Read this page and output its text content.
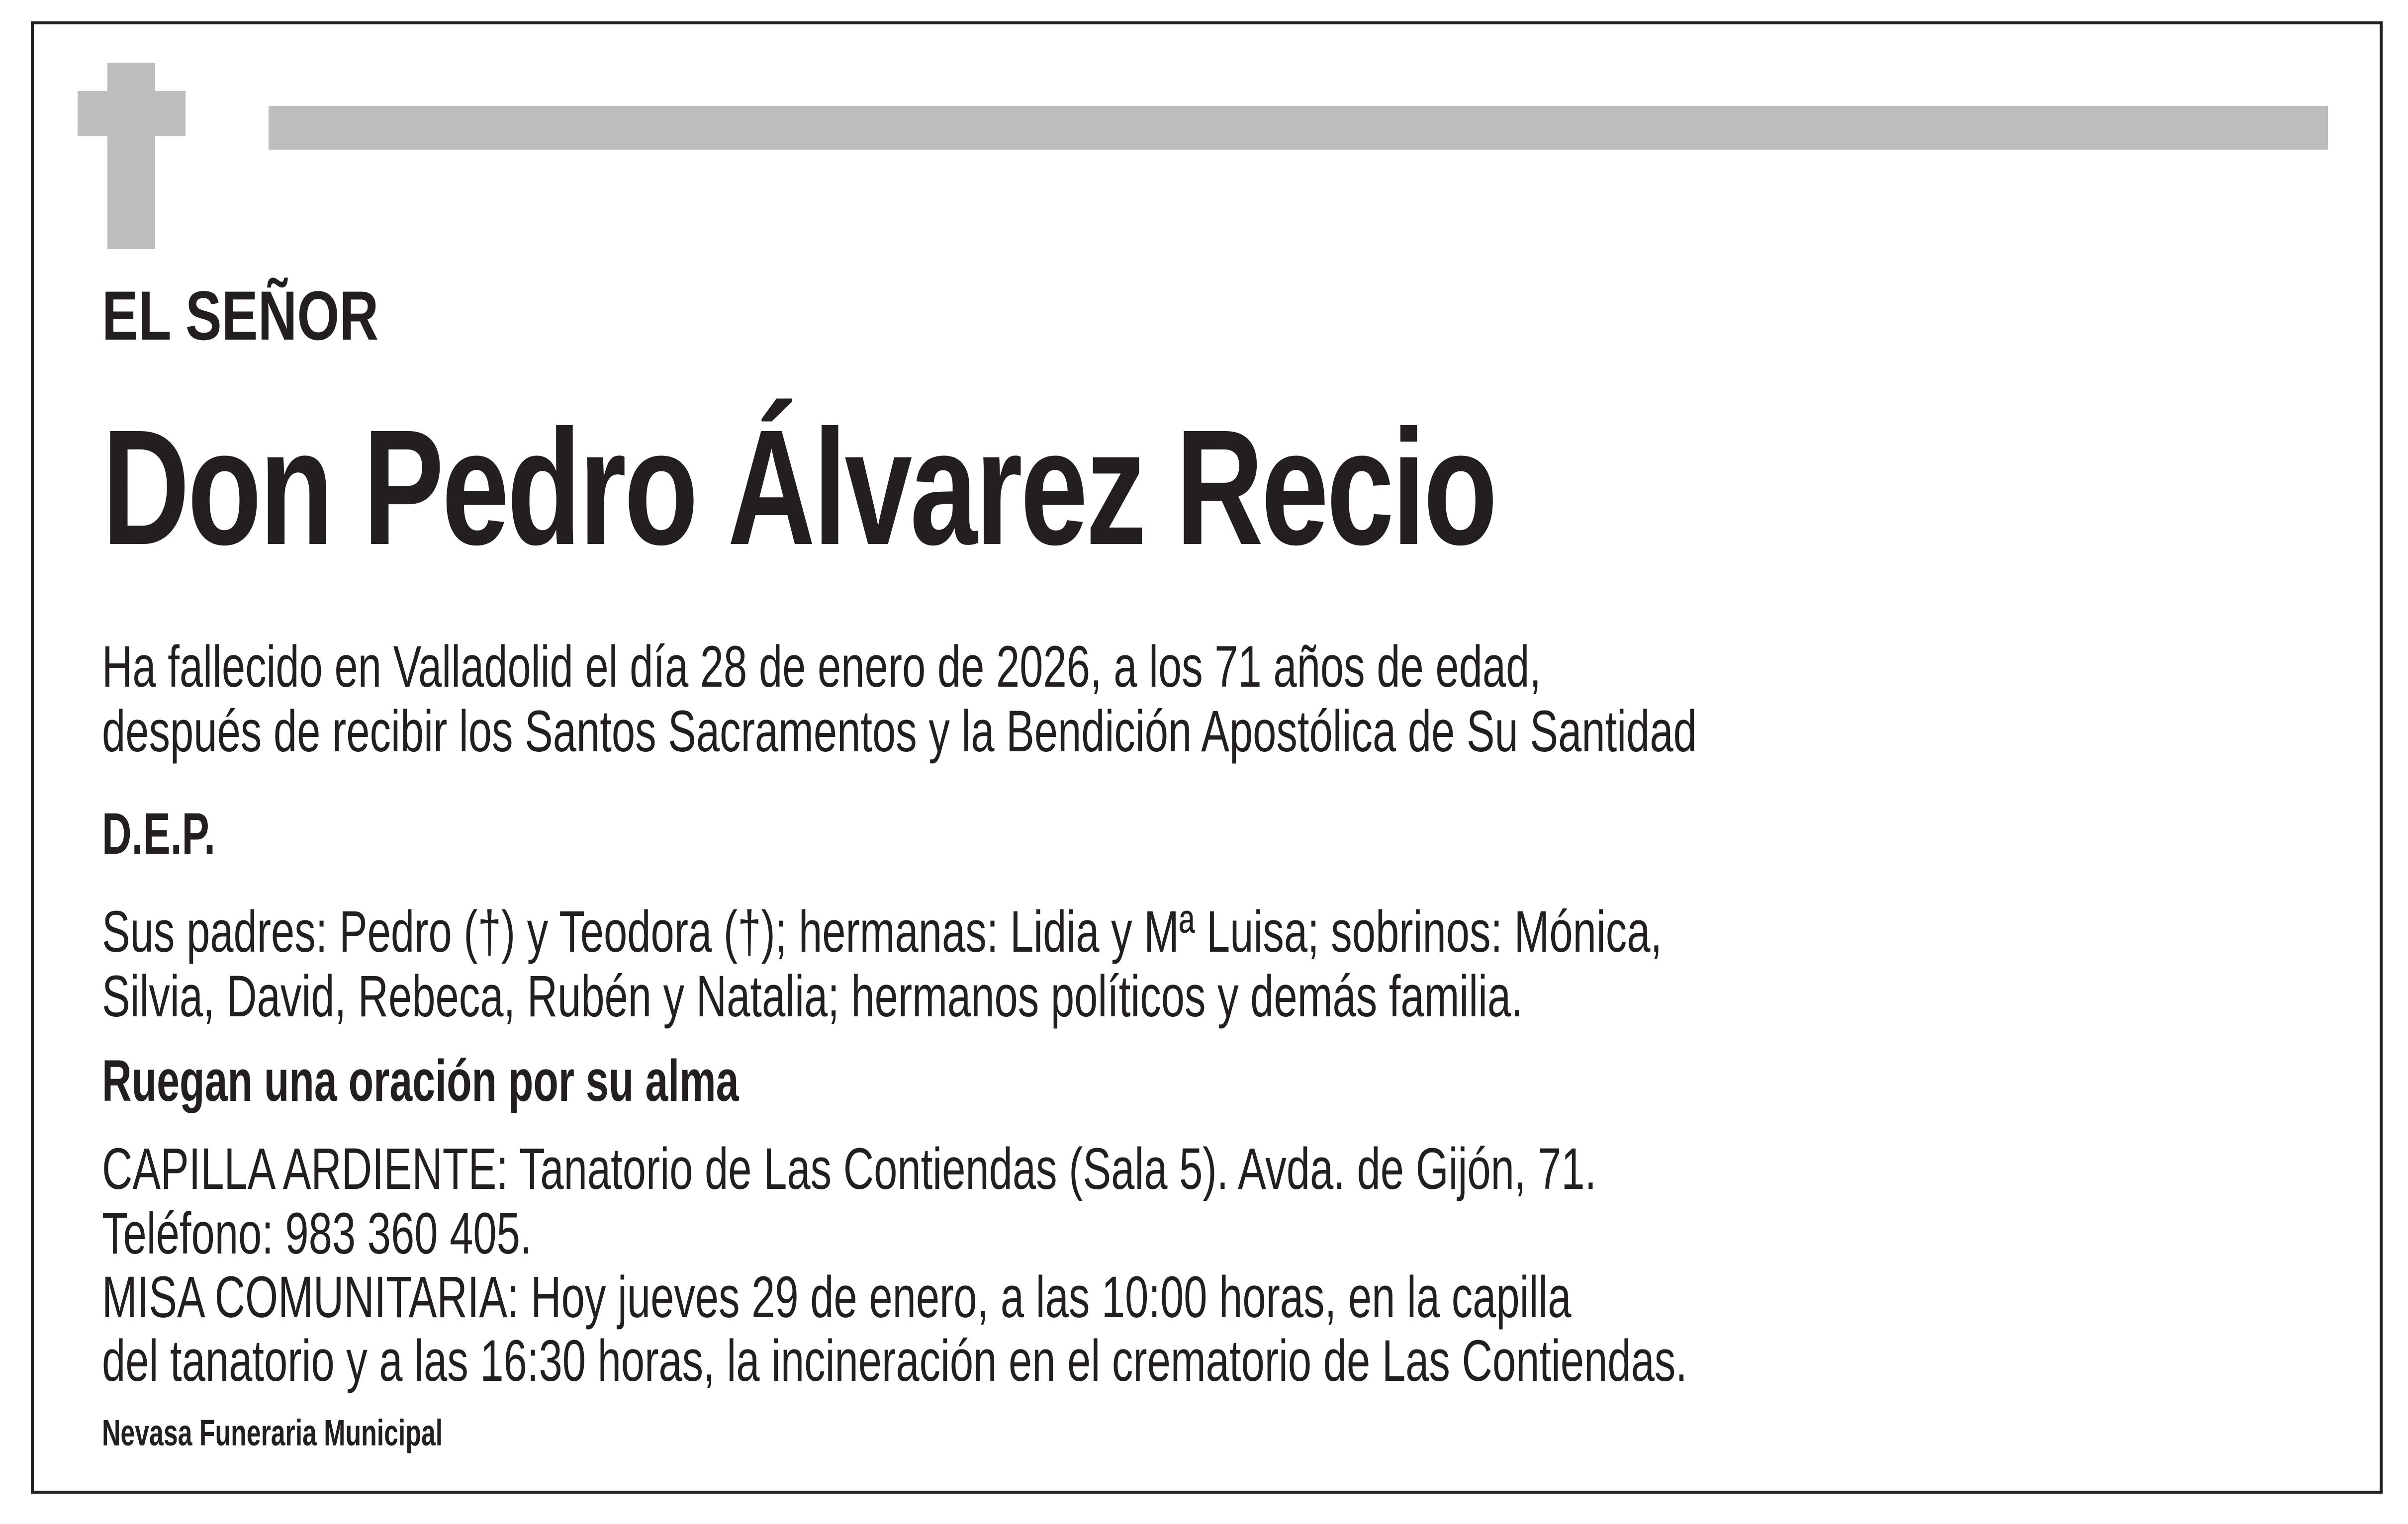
EL SEÑOR
Don Pedro Álvarez Recio
Ha fallecido en Valladolid el día 28 de enero de 2026, a los 71 años de edad,
después de recibir los Santos Sacramentos y la Bendición Apostólica de Su Santidad
D.E.P.
Sus padres: Pedro (†) y Teodora (†); hermanas: Lidia y Mª Luisa; sobrinos: Mónica,
Silvia, David, Rebeca, Rubén y Natalia; hermanos políticos y demás familia.
Ruegan una oración por su alma
CAPILLA ARDIENTE: Tanatorio de Las Contiendas (Sala 5). Avda. de Gijón, 71.
Teléfono: 983 360 405.
MISA COMUNITARIA: Hoy jueves 29 de enero, a las 10:00 horas, en la capilla
del tanatorio y a las 16:30 horas, la incineración en el crematorio de Las Contiendas.
Nevasa Funeraria Municipal
